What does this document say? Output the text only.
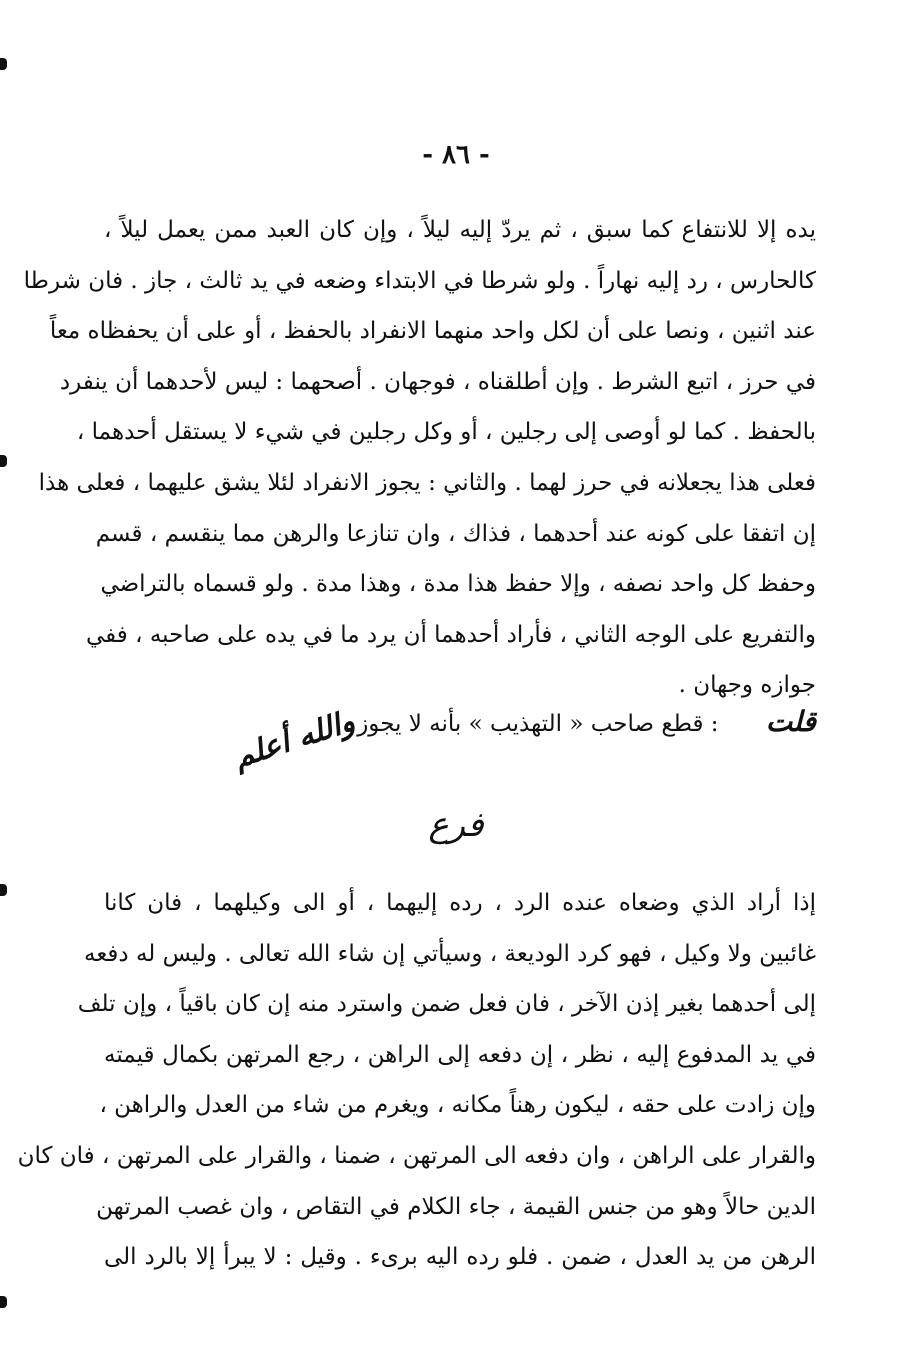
- ٨٦ -
يده إلا للانتفاع كما سبق ، ثم يردّ إليه ليلاً ، وإن كان العبد ممن يعمل ليلاً ،
كالحارس ، رد إليه نهاراً . ولو شرطا في الابتداء وضعه في يد ثالث ، جاز . فان شرطا
عند اثنين ، ونصا على أن لكل واحد منهما الانفراد بالحفظ ، أو على أن يحفظاه معاً
في حرز ، اتبع الشرط . وإن أطلقناه ، فوجهان . أصحهما : ليس لأحدهما أن ينفرد
بالحفظ . كما لو أوصى إلى رجلين ، أو وكل رجلين في شيء لا يستقل أحدهما ،
فعلى هذا يجعلانه في حرز لهما . والثاني : يجوز الانفراد لئلا يشق عليهما ، فعلى هذا
إن اتفقا على كونه عند أحدهما ، فذاك ، وان تنازعا والرهن مما ينقسم ، قسم
وحفظ كل واحد نصفه ، وإلا حفظ هذا مدة ، وهذا مدة . ولو قسماه بالتراضي
والتفريع على الوجه الثاني ، فأراد أحدهما أن يرد ما في يده على صاحبه ، ففي
جوازه وجهان .
قلت : قطع صاحب « التهذيب » بأنه لا يجوز .
والله أعلم
فرع
إذا أراد الذي وضعاه عنده الرد ، رده إليهما ، أو الى وكيلهما ، فان كانا
غائبين ولا وكيل ، فهو كرد الوديعة ، وسيأتي إن شاء الله تعالى . وليس له دفعه
إلى أحدهما بغير إذن الآخر ، فان فعل ضمن واسترد منه إن كان باقياً ، وإن تلف
في يد المدفوع إليه ، نظر ، إن دفعه إلى الراهن ، رجع المرتهن بكمال قيمته
وإن زادت على حقه ، ليكون رهناً مكانه ، ويغرم من شاء من العدل والراهن ،
والقرار على الراهن ، وان دفعه الى المرتهن ، ضمنا ، والقرار على المرتهن ، فان كان
الدين حالاً وهو من جنس القيمة ، جاء الكلام في التقاص ، وان غصب المرتهن
الرهن من يد العدل ، ضمن . فلو رده اليه برىء . وقيل : لا يبرأ إلا بالرد الى
